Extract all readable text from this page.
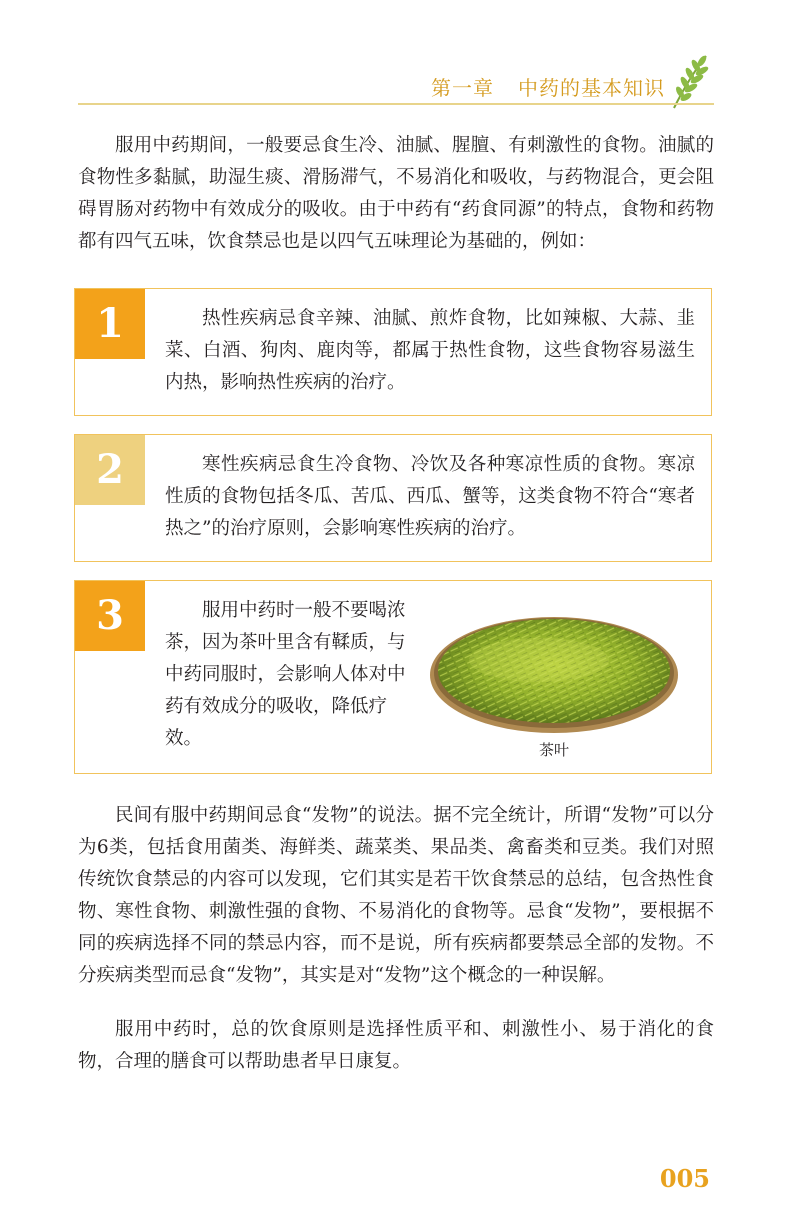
第一章 中药的基本知识

服用中药期间，一般要忌食生冷、油腻、腥膻、有刺激性的食物。油腻的食物性多黏腻，助湿生痰、滑肠滞气，不易消化和吸收，与药物混合，更会阻碍胃肠对药物中有效成分的吸收。由于中药有“药食同源”的特点，食物和药物都有四气五味，饮食禁忌也是以四气五味理论为基础的，例如：

1	热性疾病忌食辛辣、油腻、煎炸食物，比如辣椒、大蒜、韭菜、白酒、狗肉、鹿肉等，都属于热性食物，这些食物容易滋生内热，影响热性疾病的治疗。

2	寒性疾病忌食生冷食物、冷饮及各种寒凉性质的食物。寒凉性质的食物包括冬瓜、苦瓜、西瓜、蟹等，这类食物不符合“寒者热之”的治疗原则，会影响寒性疾病的治疗。

3	服用中药时一般不要喝浓茶，因为茶叶里含有鞣质，与中药同服时，会影响人体对中药有效成分的吸收，降低疗效。

茶叶

民间有服中药期间忌食“发物”的说法。据不完全统计，所谓“发物”可以分为6类，包括食用菌类、海鲜类、蔬菜类、果品类、禽畜类和豆类。我们对照传统饮食禁忌的内容可以发现，它们其实是若干饮食禁忌的总结，包含热性食物、寒性食物、刺激性强的食物、不易消化的食物等。忌食“发物”，要根据不同的疾病选择不同的禁忌内容，而不是说，所有疾病都要禁忌全部的发物。不分疾病类型而忌食“发物”，其实是对“发物”这个概念的一种误解。

服用中药时，总的饮食原则是选择性质平和、刺激性小、易于消化的食物，合理的膳食可以帮助患者早日康复。

005
